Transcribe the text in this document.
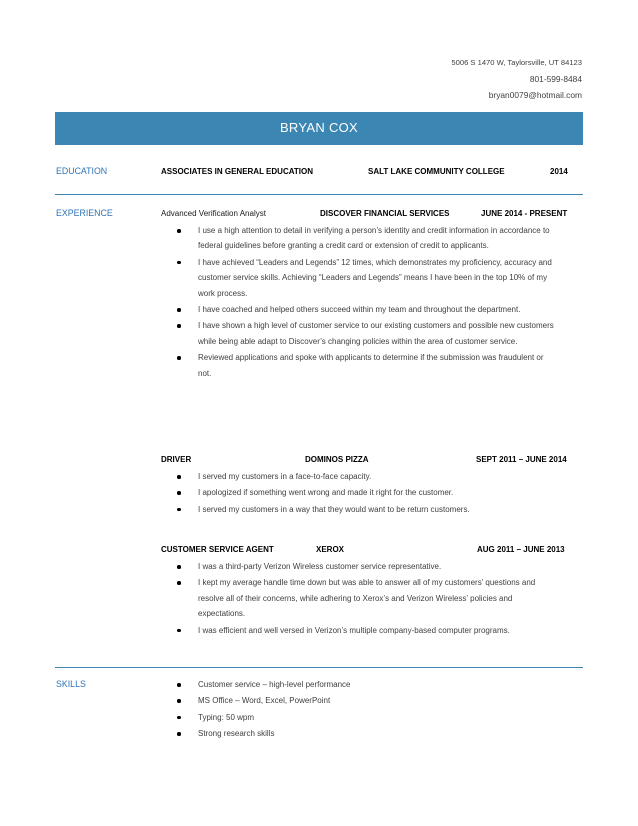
5006 S 1470 W, Taylorsville, UT 84123
801-599-8484
bryan0079@hotmail.com
BRYAN COX
EDUCATION	ASSOCIATES IN GENERAL EDUCATION	SALT LAKE COMMUNITY COLLEGE	2014
EXPERIENCE	Advanced Verification Analyst	DISCOVER FINANCIAL SERVICES	JUNE 2014 - PRESENT
I use a high attention to detail in verifying a person’s identity and credit information in accordance to federal guidelines before granting a credit card or extension of credit to applicants.
I have achieved “Leaders and Legends” 12 times, which demonstrates my proficiency, accuracy and customer service skills. Achieving “Leaders and Legends” means I have been in the top 10% of my work process.
I have coached and helped others succeed within my team and throughout the department.
I have shown a high level of customer service to our existing customers and possible new customers while being able adapt to Discover’s changing policies within the area of customer service.
Reviewed applications and spoke with applicants to determine if the submission was fraudulent or not.
DRIVER	DOMINOS PIZZA	SEPT 2011 – JUNE 2014
I served my customers in a face-to-face capacity.
I apologized if something went wrong and made it right for the customer.
I served my customers in a way that they would want to be return customers.
CUSTOMER SERVICE AGENT	XEROX	AUG 2011 – JUNE 2013
I was a third-party Verizon Wireless customer service representative.
I kept my average handle time down but was able to answer all of my customers’ questions and resolve all of their concerns, while adhering to Xerox’s and Verizon Wireless’ policies and expectations.
I was efficient and well versed in Verizon’s multiple company-based computer programs.
SKILLS	Customer service – high-level performance
MS Office – Word, Excel, PowerPoint
Typing: 50 wpm
Strong research skills
